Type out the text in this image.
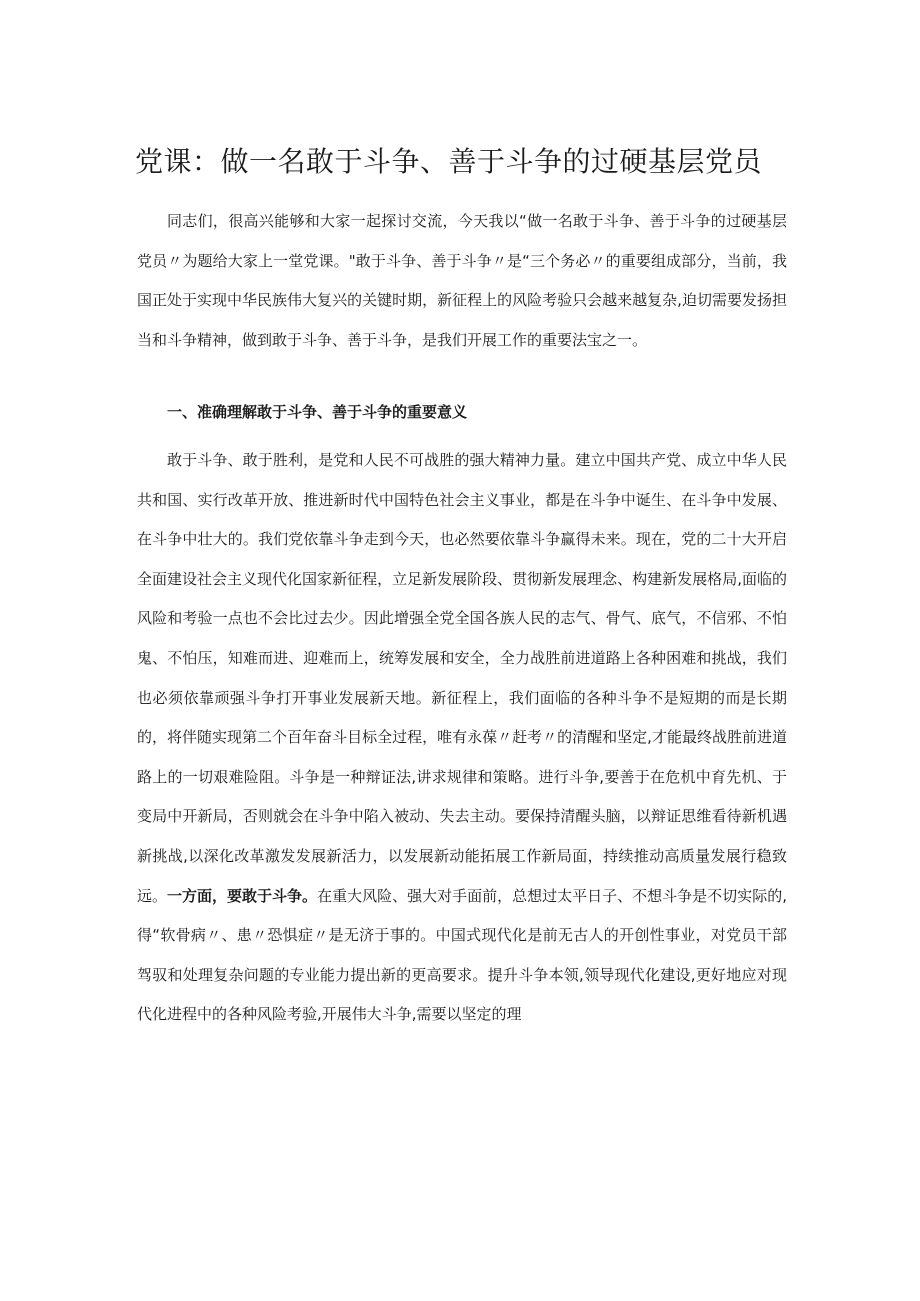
党课：做一名敢于斗争、善于斗争的过硬基层党员

同志们，很高兴能够和大家一起探讨交流，今天我以“做一名敢于斗争、善于斗争的过硬基层党员〃为题给大家上一堂党课。"敢于斗争、善于斗争〃是“三个务必〃的重要组成部分，当前，我国正处于实现中华民族伟大复兴的关键时期，新征程上的风险考验只会越来越复杂,迫切需要发扬担当和斗争精神，做到敢于斗争、善于斗争，是我们开展工作的重要法宝之一。

一、准确理解敢于斗争、善于斗争的重要意义

敢于斗争、敢于胜利，是党和人民不可战胜的强大精神力量。建立中国共产党、成立中华人民共和国、实行改革开放、推进新时代中国特色社会主义事业，都是在斗争中诞生、在斗争中发展、在斗争中壮大的。我们党依靠斗争走到今天，也必然要依靠斗争赢得未来。现在，党的二十大开启全面建设社会主义现代化国家新征程，立足新发展阶段、贯彻新发展理念、构建新发展格局,面临的风险和考验一点也不会比过去少。因此增强全党全国各族人民的志气、骨气、底气，不信邪、不怕鬼、不怕压，知难而进、迎难而上，统筹发展和安全，全力战胜前进道路上各种困难和挑战，我们也必须依靠顽强斗争打开事业发展新天地。新征程上，我们面临的各种斗争不是短期的而是长期的，将伴随实现第二个百年奋斗目标全过程，唯有永葆〃赶考〃的清醒和坚定,才能最终战胜前进道路上的一切艰难险阻。斗争是一种辩证法,讲求规律和策略。进行斗争,要善于在危机中育先机、于变局中开新局，否则就会在斗争中陷入被动、失去主动。要保持清醒头脑，以辩证思维看待新机遇新挑战,以深化改革激发发展新活力，以发展新动能拓展工作新局面，持续推动高质量发展行稳致远。一方面，要敢于斗争。在重大风险、强大对手面前，总想过太平日子、不想斗争是不切实际的,得“软骨病〃、患〃恐惧症〃是无济于事的。中国式现代化是前无古人的开创性事业，对党员干部驾驭和处理复杂问题的专业能力提出新的更高要求。提升斗争本领,领导现代化建设,更好地应对现代化进程中的各种风险考验,开展伟大斗争,需要以坚定的理
